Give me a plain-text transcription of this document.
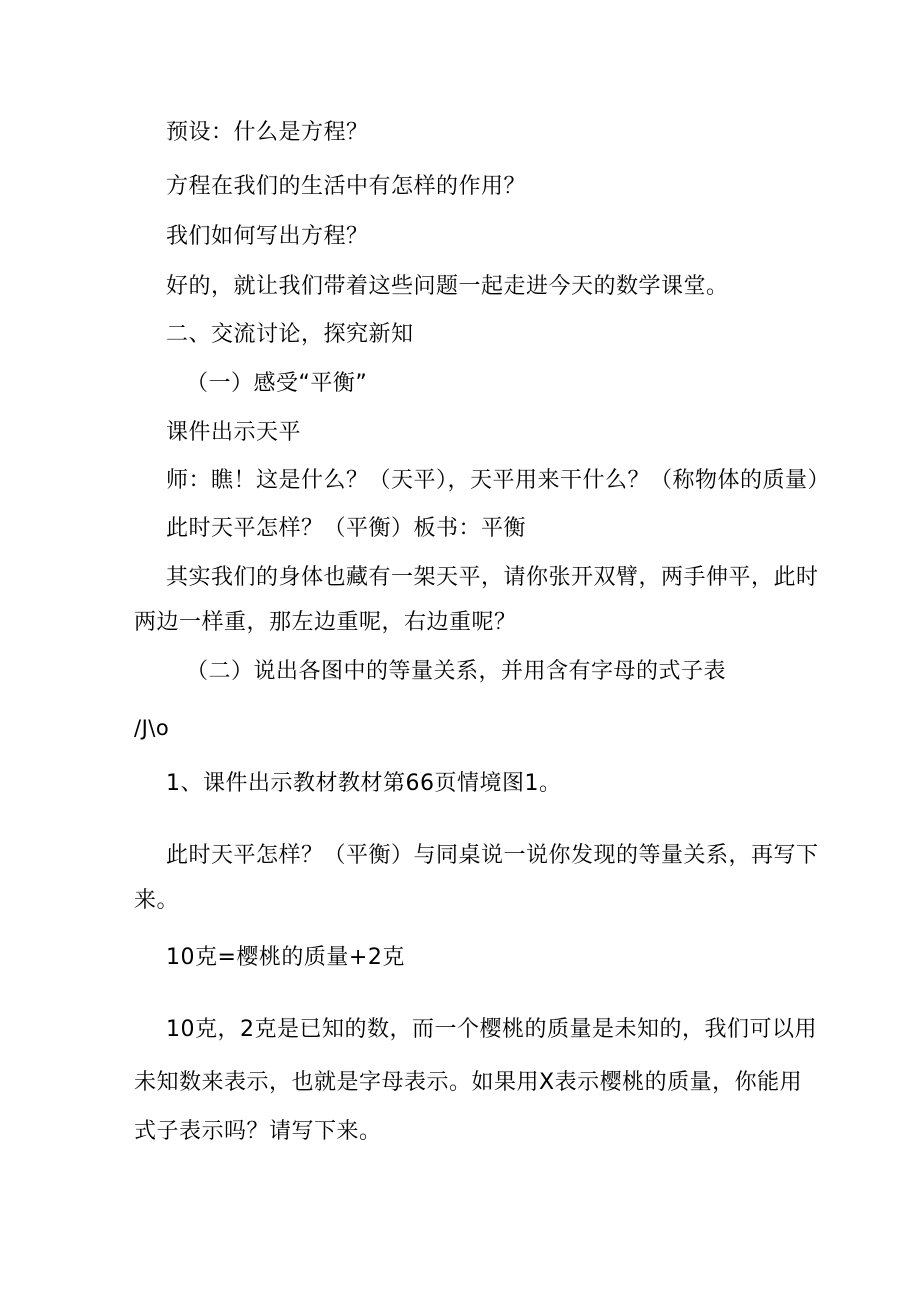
预设：什么是方程？
方程在我们的生活中有怎样的作用？
我们如何写出方程？
好的，就让我们带着这些问题一起走进今天的数学课堂。
二、交流讨论，探究新知
（一）感受“平衡”
课件出示天平
师：瞧！这是什么？（天平），天平用来干什么？（称物体的质量）
此时天平怎样？（平衡）板书：平衡
其实我们的身体也藏有一架天平，请你张开双臂，两手伸平，此时
两边一样重，那左边重呢，右边重呢？
（二）说出各图中的等量关系，并用含有字母的式子表
/J\o
1、课件出示教材教材第66页情境图1。
此时天平怎样？（平衡）与同桌说一说你发现的等量关系，再写下
来。
10克=樱桃的质量+2克
10克，2克是已知的数，而一个樱桃的质量是未知的，我们可以用
未知数来表示，也就是字母表示。如果用X表示樱桃的质量，你能用
式子表示吗？请写下来。
